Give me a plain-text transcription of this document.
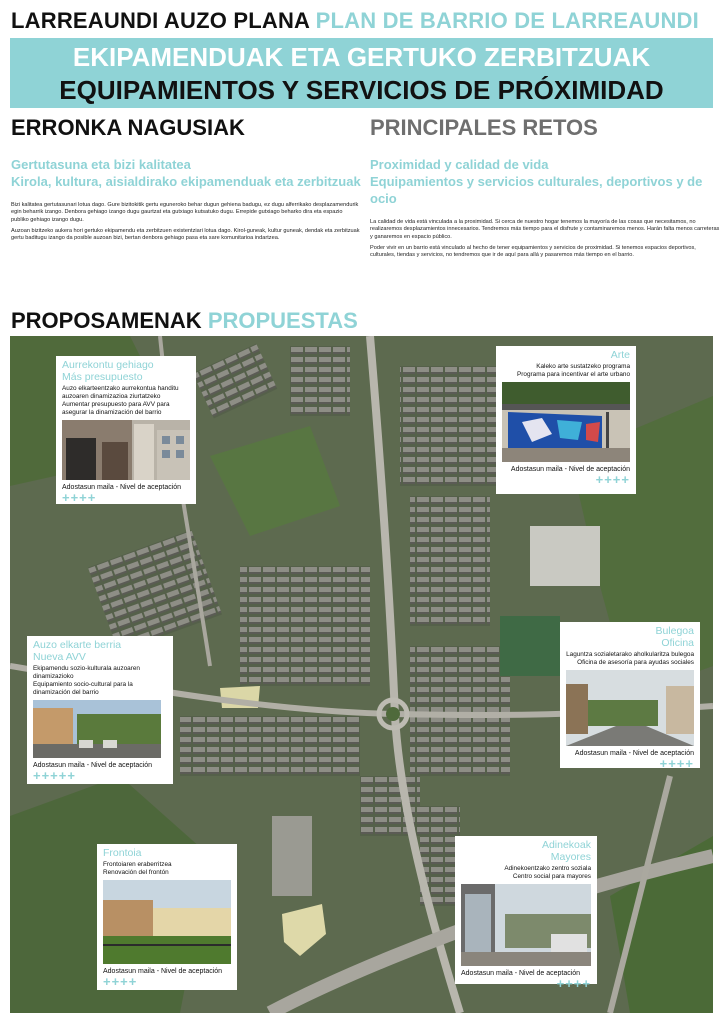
LARREAUNDI AUZO PLANA PLAN DE BARRIO DE LARREAUNDI
EKIPAMENDUAK ETA GERTUKO ZERBITZUAK
EQUIPAMIENTOS Y SERVICIOS DE PRÓXIMIDAD
ERRONKA NAGUSIAK
Gertutasuna eta bizi kalitatea
Kirola, kultura, aisialdirako ekipamenduak eta zerbitzuak

Bizi kalitatea gertutasunari lotua dago. Gure bizitokitik gertu eguneroko behar dugun gehiena badugu, ez dugu alferrikako desplazamendurik egin beharrik izango. Denbora gehiago izango dugu gaurtzat eta gutxiago kutsatuko dugu. Errepide gutxiago beharko dira eta espazio publiko gehiago izango dugu.

Auzoan bizitzeko aukera hori gertuko ekipamendu eta zerbitzuen existentziari lotua dago. Kirol-guneak, kultur guneak, dendak eta zerbitzuak gertu baditugu izango da posible auzoan bizi, bertan denbora gehiago pasa eta sare komunitarioa indartzea.

PRINCIPALES RETOS
Proximidad y calidad de vida
Equipamientos y servicios culturales, deportivos y de ocio

La calidad de vida está vinculada a la proximidad. Si cerca de nuestro hogar tenemos la mayoría de las cosas que necesitamos, no realizaremos desplazamientos innecesarios. Tendremos más tiempo para el disfrute y contaminaremos menos. Harán falta menos carreteras y ganaremos en espacio público.

Poder vivir en un barrio está vinculado al hecho de tener equipamientos y servicios de proximidad. Si tenemos espacios deportivos, culturales, tiendas y servicios, no tendremos que ir de aquí para allá y pasaremos más tiempo en el barrio.

PROPOSAMENAK PROPUESTAS
Aurrekontu gehiago
Más presupuesto
Auzo elkarteentzako aurrekontua handitu
auzoaren dinamizazioa ziurtatzeko
Aumentar presupuesto para AVV para asegurar la dinamización del barrio
Adostasun maila - Nivel de aceptación
++++
Arte
Kaleko arte sustatzeko programa
Programa para incentivar el arte urbano
Adostasun maila - Nivel de aceptación
++++
Auzo elkarte berria
Nueva AVV
Ekipamendu sozio-kulturala auzoaren dinamizazioko
Equipamiento socio-cultural para la dinamización del barrio
Adostasun maila - Nivel de aceptación
+++++
Bulegoa
Oficina
Laguntza sozialetarako aholkularitza bulegoa
Oficina de asesoría para ayudas sociales
Adostasun maila - Nivel de aceptación
++++
Frontoia
Frontoiaren eraberritzea
Renovación del frontón
Adostasun maila - Nivel de aceptación
++++
Adinekoak
Mayores
Adinekoentzako zentro soziala
Centro social para mayores
Adostasun maila - Nivel de aceptación
++++
